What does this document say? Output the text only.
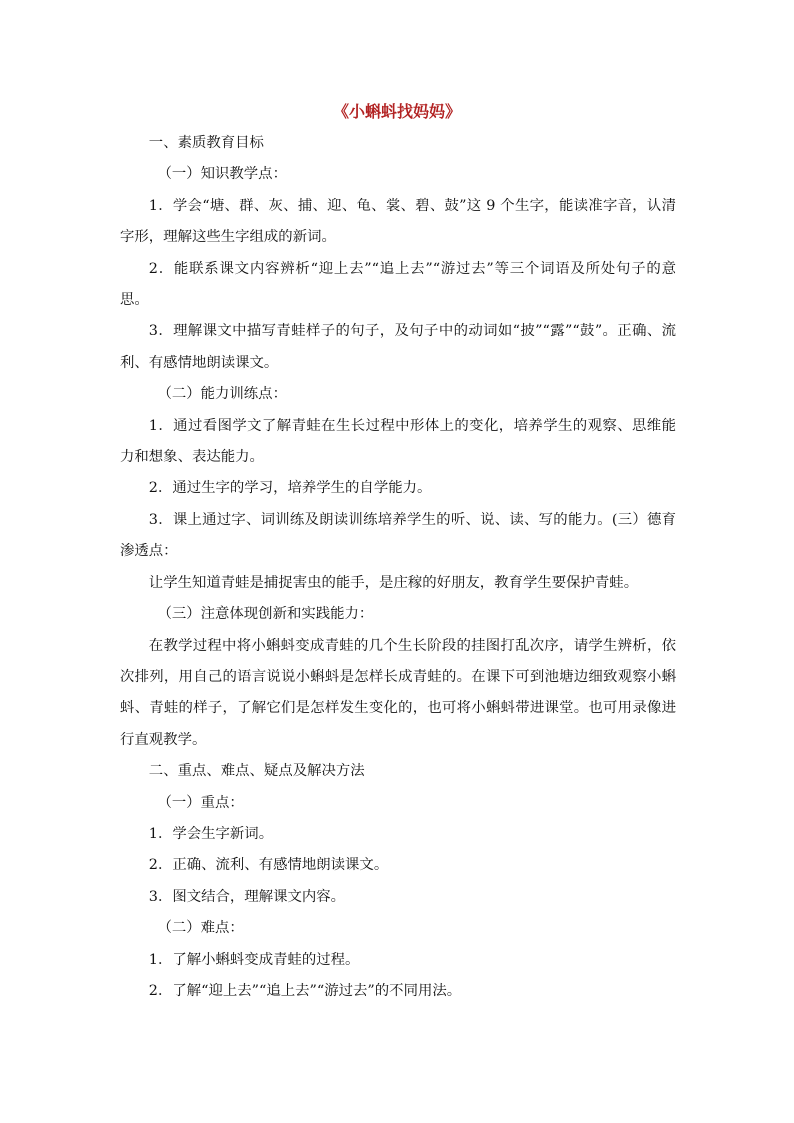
《小蝌蚪找妈妈》

一、素质教育目标

（一）知识教学点：

1．学会“塘、群、灰、捕、迎、龟、裳、碧、鼓”这 9 个生字，能读准字音，认清字形，理解这些生字组成的新词。

2．能联系课文内容辨析“迎上去”“追上去”“游过去”等三个词语及所处句子的意思。

3．理解课文中描写青蛙样子的句子，及句子中的动词如“披”“露”“鼓”。正确、流利、有感情地朗读课文。

（二）能力训练点：

1．通过看图学文了解青蛙在生长过程中形体上的变化，培养学生的观察、思维能力和想象、表达能力。

2．通过生字的学习，培养学生的自学能力。

3．课上通过字、词训练及朗读训练培养学生的听、说、读、写的能力。(三）德育渗透点：

让学生知道青蛙是捕捉害虫的能手，是庄稼的好朋友，教育学生要保护青蛙。

（三）注意体现创新和实践能力：

在教学过程中将小蝌蚪变成青蛙的几个生长阶段的挂图打乱次序，请学生辨析，依次排列，用自己的语言说说小蝌蚪是怎样长成青蛙的。在课下可到池塘边细致观察小蝌蚪、青蛙的样子，了解它们是怎样发生变化的，也可将小蝌蚪带进课堂。也可用录像进行直观教学。

二、重点、难点、疑点及解决方法

（一）重点：

1．学会生字新词。

2．正确、流利、有感情地朗读课文。

3．图文结合，理解课文内容。

（二）难点：

1．了解小蝌蚪变成青蛙的过程。

2．了解“迎上去”“追上去”“游过去”的不同用法。
